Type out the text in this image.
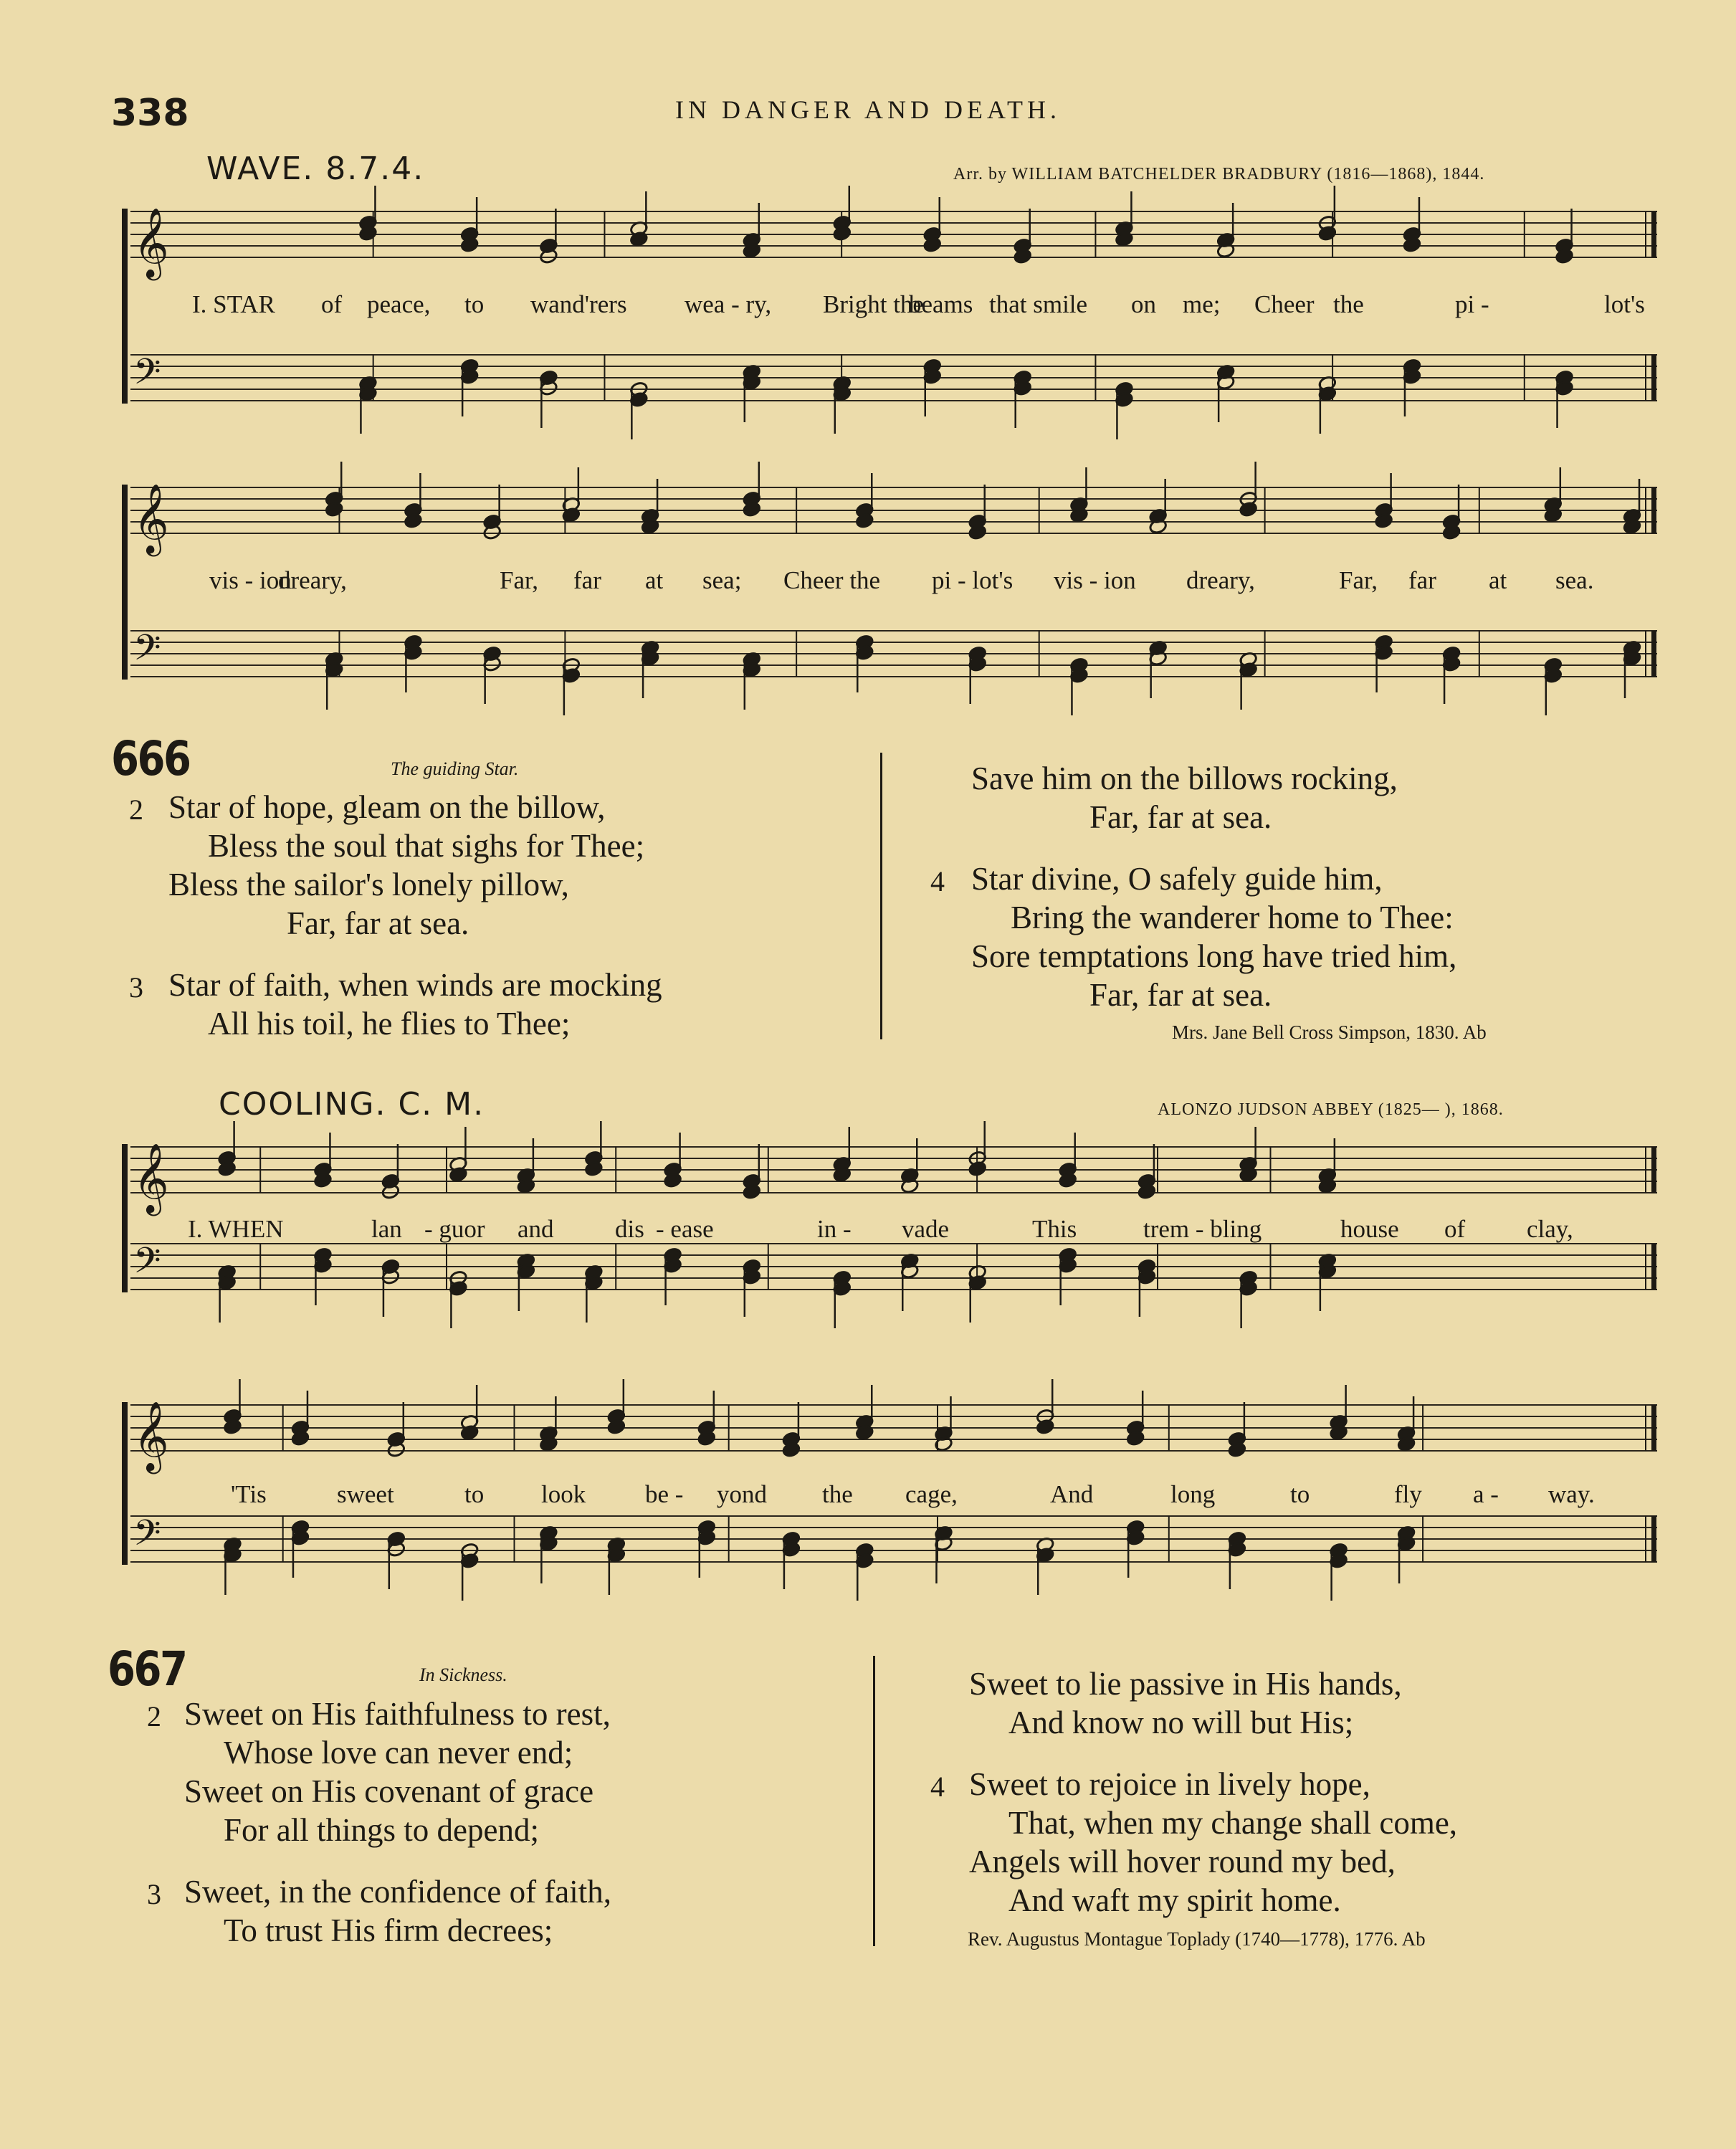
338	IN DANGER AND DEATH.
WAVE. 8.7.4.	Arr. by WILLIAM BATCHELDER BRADBURY (1816—1868), 1844.
𝄞
𝄢
I. STAR of peace, to wand'rers wea - ry, Bright the
beams that smile on me; Cheer the	pi -	lot's
𝄞
𝄢
vis - ion
dreary,	Far, far at sea; Cheer the pi - lot's vis - ion dreary,	Far, far at sea.
666	The guiding Star.
2 Star of hope, gleam on the billow,
Bless the soul that sighs for Thee;
Bless the sailor's lonely pillow,
Far, far at sea.
3 Star of faith, when winds are mocking
All his toil, he flies to Thee;
Save him on the billows rocking,
Far, far at sea.
4 Star divine, O safely guide him,
Bring the wanderer home to Thee:
Sore temptations long have tried him,
Far, far at sea.
Mrs. Jane Bell Cross Simpson, 1830. Ab
COOLING. C. M.	ALONZO JUDSON ABBEY (1825— ), 1868.
𝄞
𝄢
I. WHEN	lan - guor and dis - ease	in - vade	This	trem - bling	house of clay,
𝄞
𝄢
'Tis	sweet	to look be - yond the cage,	And	long	to	fly a - way.
667	In Sickness.
2 Sweet on His faithfulness to rest,
Whose love can never end;
Sweet on His covenant of grace
For all things to depend;
3 Sweet, in the confidence of faith,
To trust His firm decrees;
Sweet to lie passive in His hands,
And know no will but His;
4 Sweet to rejoice in lively hope,
That, when my change shall come,
Angels will hover round my bed,
And waft my spirit home.
Rev. Augustus Montague Toplady (1740—1778), 1776. Ab
